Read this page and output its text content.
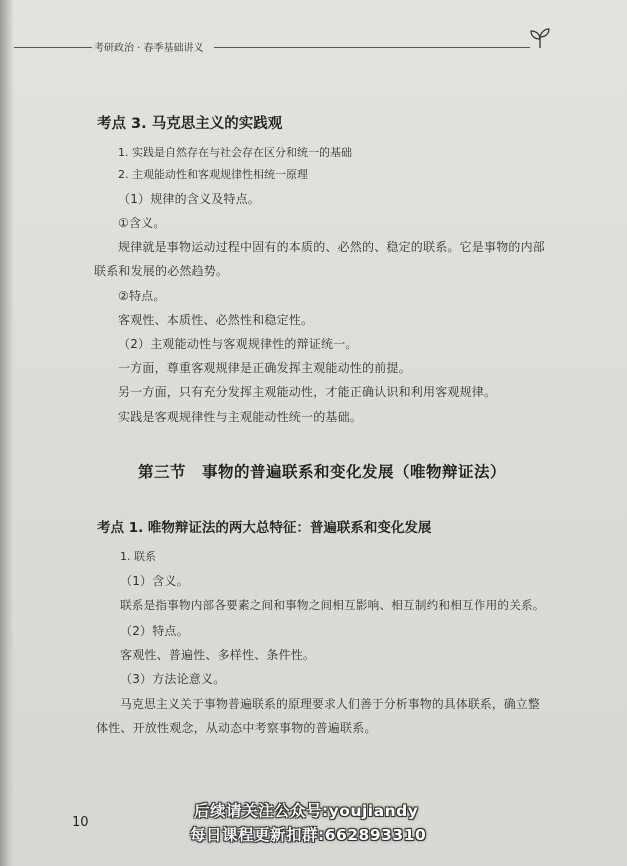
考研政治 · 春季基础讲义
考点 3. 马克思主义的实践观
1. 实践是自然存在与社会存在区分和统一的基础
2. 主观能动性和客观规律性相统一原理
（1）规律的含义及特点。
①含义。
规律就是事物运动过程中固有的本质的、必然的、稳定的联系。它是事物的内部
联系和发展的必然趋势。
②特点。
客观性、本质性、必然性和稳定性。
（2）主观能动性与客观规律性的辩证统一。
一方面，尊重客观规律是正确发挥主观能动性的前提。
另一方面，只有充分发挥主观能动性，才能正确认识和利用客观规律。
实践是客观规律性与主观能动性统一的基础。
第三节　事物的普遍联系和变化发展（唯物辩证法）
考点 1. 唯物辩证法的两大总特征：普遍联系和变化发展
1. 联系
（1）含义。
联系是指事物内部各要素之间和事物之间相互影响、相互制约和相互作用的关系。
（2）特点。
客观性、普遍性、多样性、条件性。
（3）方法论意义。
马克思主义关于事物普遍联系的原理要求人们善于分析事物的具体联系，确立整
体性、开放性观念，从动态中考察事物的普遍联系。
10
后续请关注公众号:youjiandy
每日课程更新扣群:662893310
